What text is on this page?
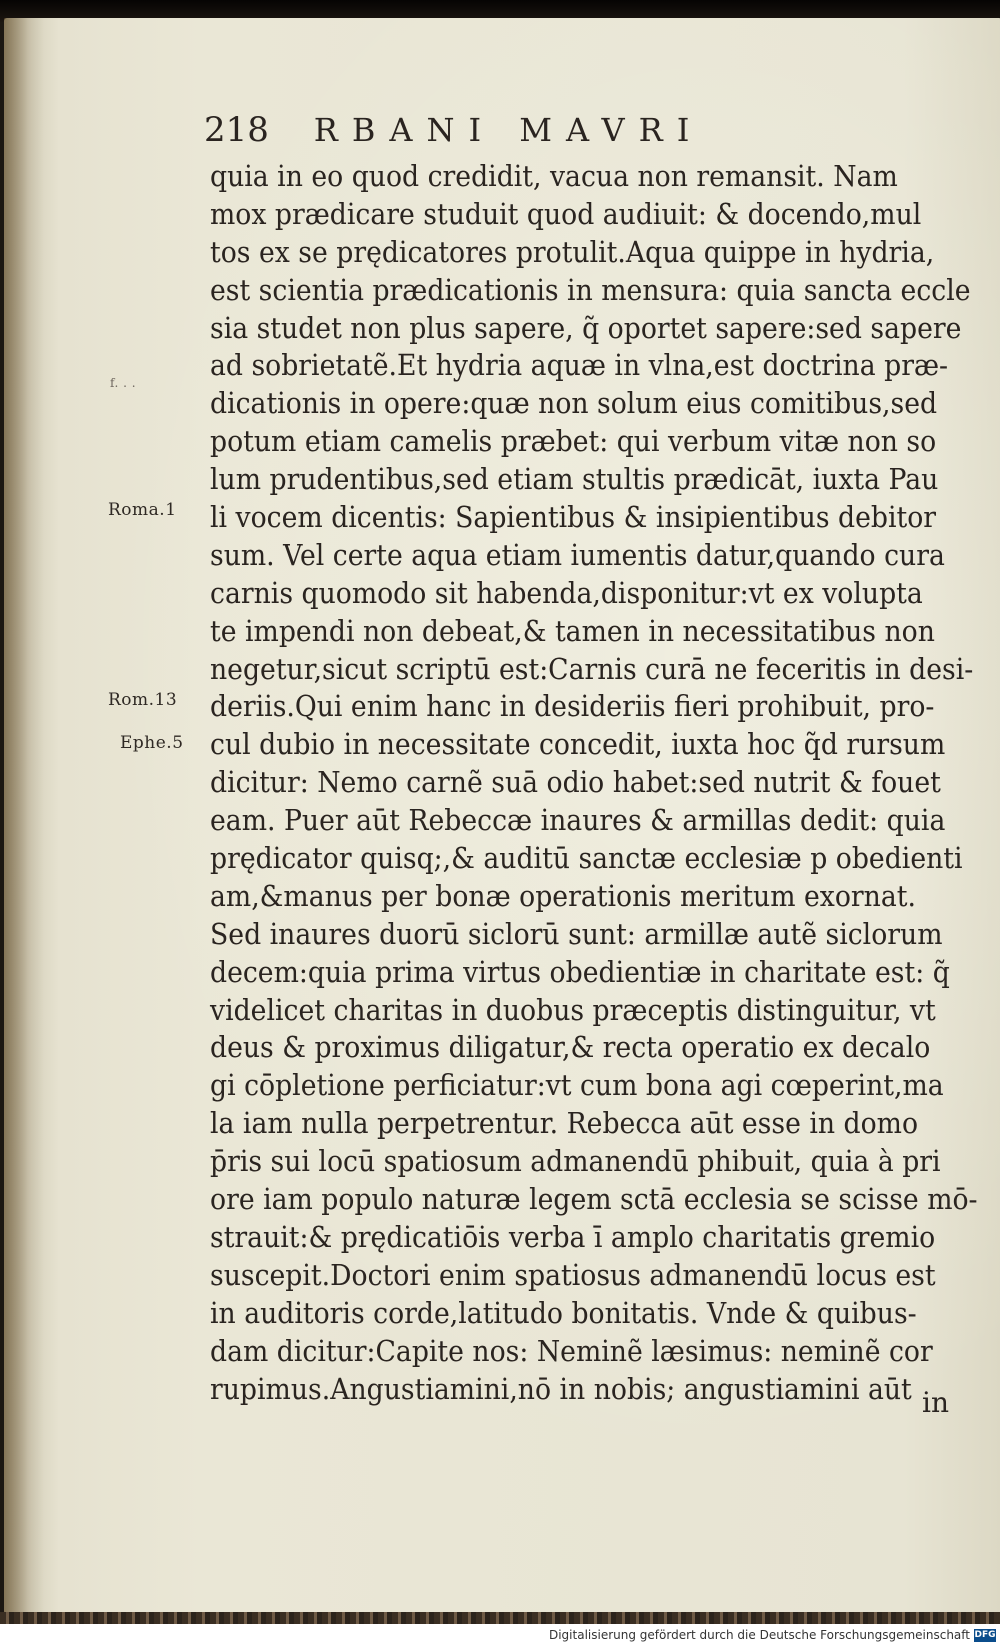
218 RBANI MAVRI
quia in eo quod credidit, vacua non remansit. Nam
mox prædicare studuit quod audiuit: & docendo,mul
tos ex se prędicatores protulit.Aqua quippe in hydria,
est scientia prædicationis in mensura: quia sancta eccle
sia studet non plus sapere, q̃ oportet sapere:sed sapere
ad sobrietatẽ.Et hydria aquæ in vlna,est doctrina præ-
dicationis in opere:quæ non solum eius comitibus,sed
potum etiam camelis præbet: qui verbum vitæ non so
lum prudentibus,sed etiam stultis prædicāt, iuxta Pau
li vocem dicentis: Sapientibus & insipientibus debitor
sum. Vel certe aqua etiam iumentis datur,quando cura
carnis quomodo sit habenda,disponitur:vt ex volupta
te impendi non debeat,& tamen in necessitatibus non
negetur,sicut scriptū est:Carnis curā ne feceritis in desi-
deriis.Qui enim hanc in desideriis fieri prohibuit, pro-
cul dubio in necessitate concedit, iuxta hoc q̃d rursum
dicitur: Nemo carnẽ suā odio habet:sed nutrit & fouet
eam. Puer aūt Rebeccæ inaures & armillas dedit: quia
prędicator quisq;,& auditū sanctæ ecclesiæ p obedienti
am,&manus per bonæ operationis meritum exornat.
Sed inaures duorū siclorū sunt: armillæ autẽ siclorum
decem:quia prima virtus obedientiæ in charitate est: q̃
videlicet charitas in duobus præceptis distinguitur, vt
deus & proximus diligatur,& recta operatio ex decalo
gi cōpletione perficiatur:vt cum bona agi cœperint,ma
la iam nulla perpetrentur. Rebecca aūt esse in domo
p̄ris sui locū spatiosum admanendū phibuit, quia à pri
ore iam populo naturæ legem sctā ecclesia se scisse mō-
strauit:& prędicatiōis verba ī amplo charitatis gremio
suscepit.Doctori enim spatiosus admanendū locus est
in auditoris corde,latitudo bonitatis. Vnde & quibus-
dam dicitur:Capite nos: Neminẽ læsimus: neminẽ cor
rupimus.Angustiamini,nō in nobis; angustiamini aūt in
f. . .
Roma.1
Rom.13
Ephe.5
Digitalisierung gefördert durch die Deutsche Forschungsgemeinschaft DFG
